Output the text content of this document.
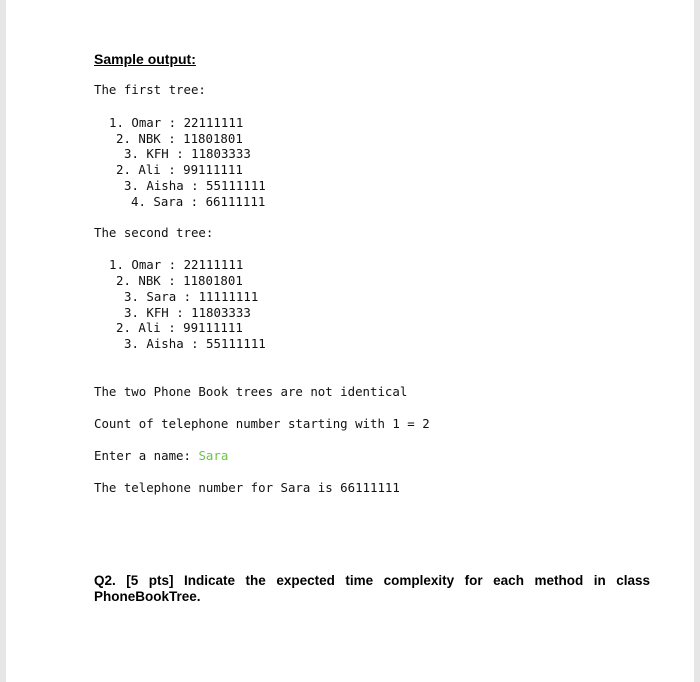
Sample output:
The first tree:
1. Omar : 22111111
2. NBK : 11801801
3. KFH : 11803333
2. Ali : 99111111
3. Aisha : 55111111
4. Sara : 66111111
The second tree:
1. Omar : 22111111
2. NBK : 11801801
3. Sara : 11111111
3. KFH : 11803333
2. Ali : 99111111
3. Aisha : 55111111
The two Phone Book trees are not identical
Count of telephone number starting with 1 = 2
Enter a name: Sara
The telephone number for Sara is 66111111
Q2. [5 pts] Indicate the expected time complexity for each method in class PhoneBookTree.
